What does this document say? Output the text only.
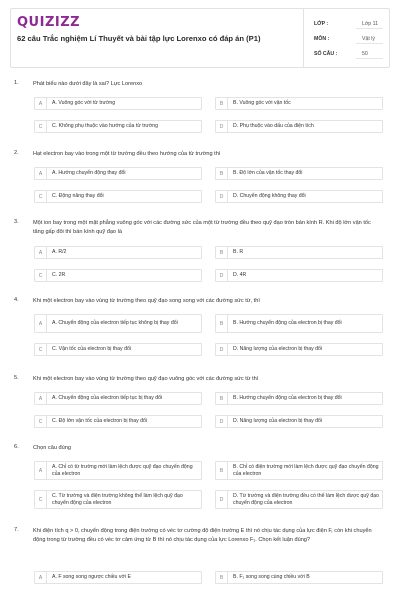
QUIZIZZ
62 câu Trắc nghiệm Lí Thuyết và bài tập lực Lorenxo có đáp án (P1)
LỚP :	Lớp 11
MÔN :	Vật lý
SỐ CÂU :	50
1.	Phát biểu nào dưới đây là sai? Lực Lorenxo
A	A. Vuông góc với từ trường	B	B. Vuông góc với vận tốc
C	C. Không phụ thuộc vào hướng của từ trường	D	D. Phụ thuộc vào dấu của điện tích
2.	Hạt electron bay vào trong một từ trường đều theo hướng của từ trường thì
A	A. Hướng chuyển động thay đổi	B	B. Độ lớn của vận tốc thay đổi
C	C. Động năng thay đổi	D	D. Chuyển động không thay đổi
3.	Một ion bay trong một mặt phẳng vuông góc với các đường sức của một từ trường đều theo quỹ đạo tròn bán kính R. Khi độ lớn vận tốc tăng gấp đôi thì bán kính quỹ đạo là
A	A. R/2	B	B. R
C	C. 2R	D	D. 4R
4.	Khi một electron bay vào vùng từ trường theo quỹ đạo song song với các đường sức từ, thì
A	A. Chuyển động của electron tiếp tục không bị thay đổi	B	B. Hướng chuyển động của electron bị thay đổi
C	C. Vận tốc của electron bị thay đổi	D	D. Năng lượng của electron bị thay đổi
5.	Khi một electron bay vào vùng từ trường theo quỹ đạo vuông góc với các đường sức từ thì
A	A. Chuyển động của electron tiếp tục bị thay đổi	B	B. Hướng chuyển động của electron bị thay đổi
C	C. Độ lớn vận tốc của electron bị thay đổi	D	D. Năng lượng của electron bị thay đổi
6.	Chọn câu đúng
A
A. Chỉ có từ trường mới làm lệch được quỹ đạo chuyển động của electron	B
B. Chỉ có điện trường mới làm lệch được quỹ đạo chuyển động của electron
C
C. Từ trường và điện trường không thể làm lệch quỹ đạo chuyển động của electron	D
D. Từ trường và điện trường đều có thể làm lệch được quỹ đạo chuyển động của electron
7.	Khi điện tích q > 0, chuyển động trong điện trường có véc tơ cường độ điện trường E thì nó chịu tác dụng của lực điện F, còn khi chuyển động trong từ trường đều có véc tơ cảm ứng từ B thì nó chịu tác dụng của lực Lorenxo F₁. Chọn kết luận đúng?
A	A. F song song ngược chiều với E	B	B. F₁ song song cùng chiều với B
